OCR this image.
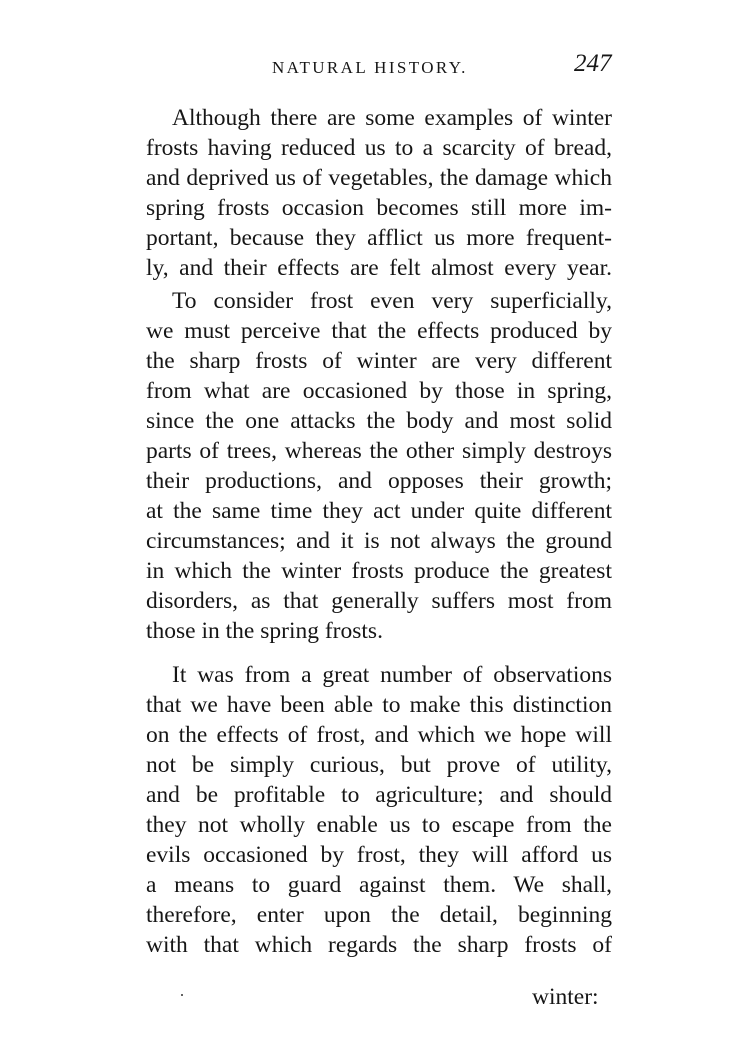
NATURAL HISTORY.	247
Although there are some examples of winter
frosts having reduced us to a scarcity of bread,
and deprived us of vegetables, the damage which
spring frosts occasion becomes still more im-
portant, because they afflict us more frequent-
ly, and their effects are felt almost every year.
To consider frost even very superficially,
we must perceive that the effects produced by
the sharp frosts of winter are very different
from what are occasioned by those in spring,
since the one attacks the body and most solid
parts of trees, whereas the other simply destroys
their productions, and opposes their growth;
at the same time they act under quite different
circumstances; and it is not always the ground
in which the winter frosts produce the greatest
disorders, as that generally suffers most from
those in the spring frosts.
It was from a great number of observations
that we have been able to make this distinction
on the effects of frost, and which we hope will
not be simply curious, but prove of utility,
and be profitable to agriculture; and should
they not wholly enable us to escape from the
evils occasioned by frost, they will afford us
a means to guard against them. We shall,
therefore, enter upon the detail, beginning
with that which regards the sharp frosts of
winter:
